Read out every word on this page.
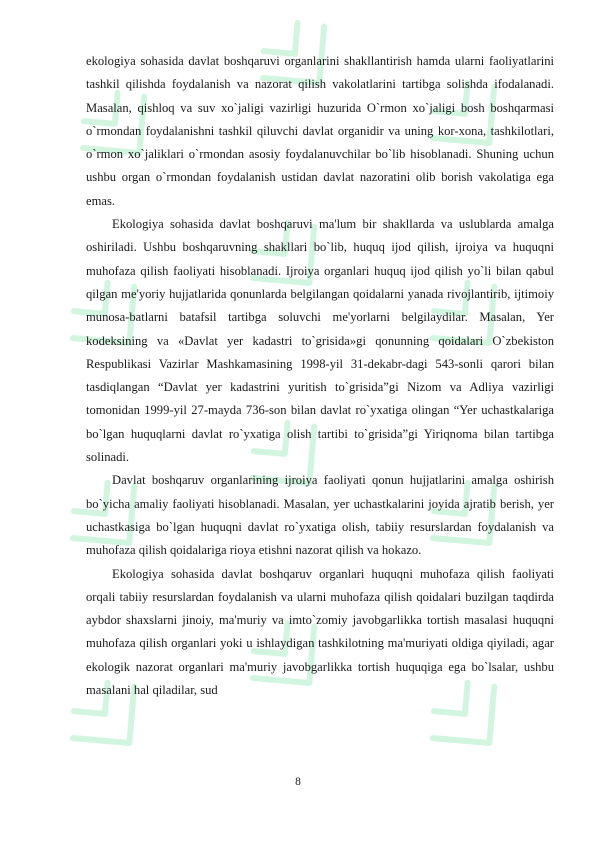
ekologiya sohasida davlat boshqaruvi organlarini shakllantirish hamda ularni faoliyatlarini tashkil qilishda foydalanish va nazorat qilish vakolatlarini tartibga solishda ifodalanadi. Masalan, qishloq va suv xo`jaligi vazirligi huzurida O`rmon xo`jaligi bosh boshqarmasi o`rmondan foydalanishni tashkil qiluvchi davlat organidir va uning kor-xona, tashkilotlari, o`rmon xo`jaliklari o`rmondan asosiy foydalanuvchilar bo`lib hisoblanadi. Shuning uchun ushbu organ o`rmondan foydalanish ustidan davlat nazoratini olib borish vakolatiga ega emas.

Ekologiya sohasida davlat boshqaruvi ma'lum bir shakllarda va uslublarda amalga oshiriladi. Ushbu boshqaruvning shakllari bo`lib, huquq ijod qilish, ijroiya va huquqni muhofaza qilish faoliyati hisoblanadi. Ijroiya organlari huquq ijod qilish yo`li bilan qabul qilgan me'yoriy hujjatlarida qonunlarda belgilangan qoidalarni yanada rivojlantirib, ijtimoiy munosa-batlarni batafsil tartibga soluvchi me'yorlarni belgilaydilar. Masalan, Yer kodeksining va «Davlat yer kadastri to`grisida»gi qonunning qoidalari O`zbekiston Respublikasi Vazirlar Mashkamasining 1998-yil 31-dekabr-dagi 543-sonli qarori bilan tasdiqlangan “Davlat yer kadastrini yuritish to`grisida”gi Nizom va Adliya vazirligi tomonidan 1999-yil 27-mayda 736-son bilan davlat ro`yxatiga olingan “Yer uchastkalariga bo`lgan huquqlarni davlat ro`yxatiga olish tartibi to`grisida”gi Yiriqnoma bilan tartibga solinadi.

Davlat boshqaruv organlarining ijroiya faoliyati qonun hujjatlarini amalga oshirish bo`yicha amaliy faoliyati hisoblanadi. Masalan, yer uchastkalarini joyida ajratib berish, yer uchastkasiga bo`lgan huquqni davlat ro`yxatiga olish, tabiiy resurslardan foydalanish va muhofaza qilish qoidalariga rioya etishni nazorat qilish va hokazo.

Ekologiya sohasida davlat boshqaruv organlari huquqni muhofaza qilish faoliyati orqali tabiiy resurslardan foydalanish va ularni muhofaza qilish qoidalari buzilgan taqdirda aybdor shaxslarni jinoiy, ma'muriy va imto`zomiy javobgarlikka tortish masalasi huquqni muhofaza qilish organlari yoki u ishlaydigan tashkilotning ma'muriyati oldiga qiyiladi, agar ekologik nazorat organlari ma'muriy javobgarlikka tortish huquqiga ega bo`lsalar, ushbu masalani hal qiladilar, sud

8
